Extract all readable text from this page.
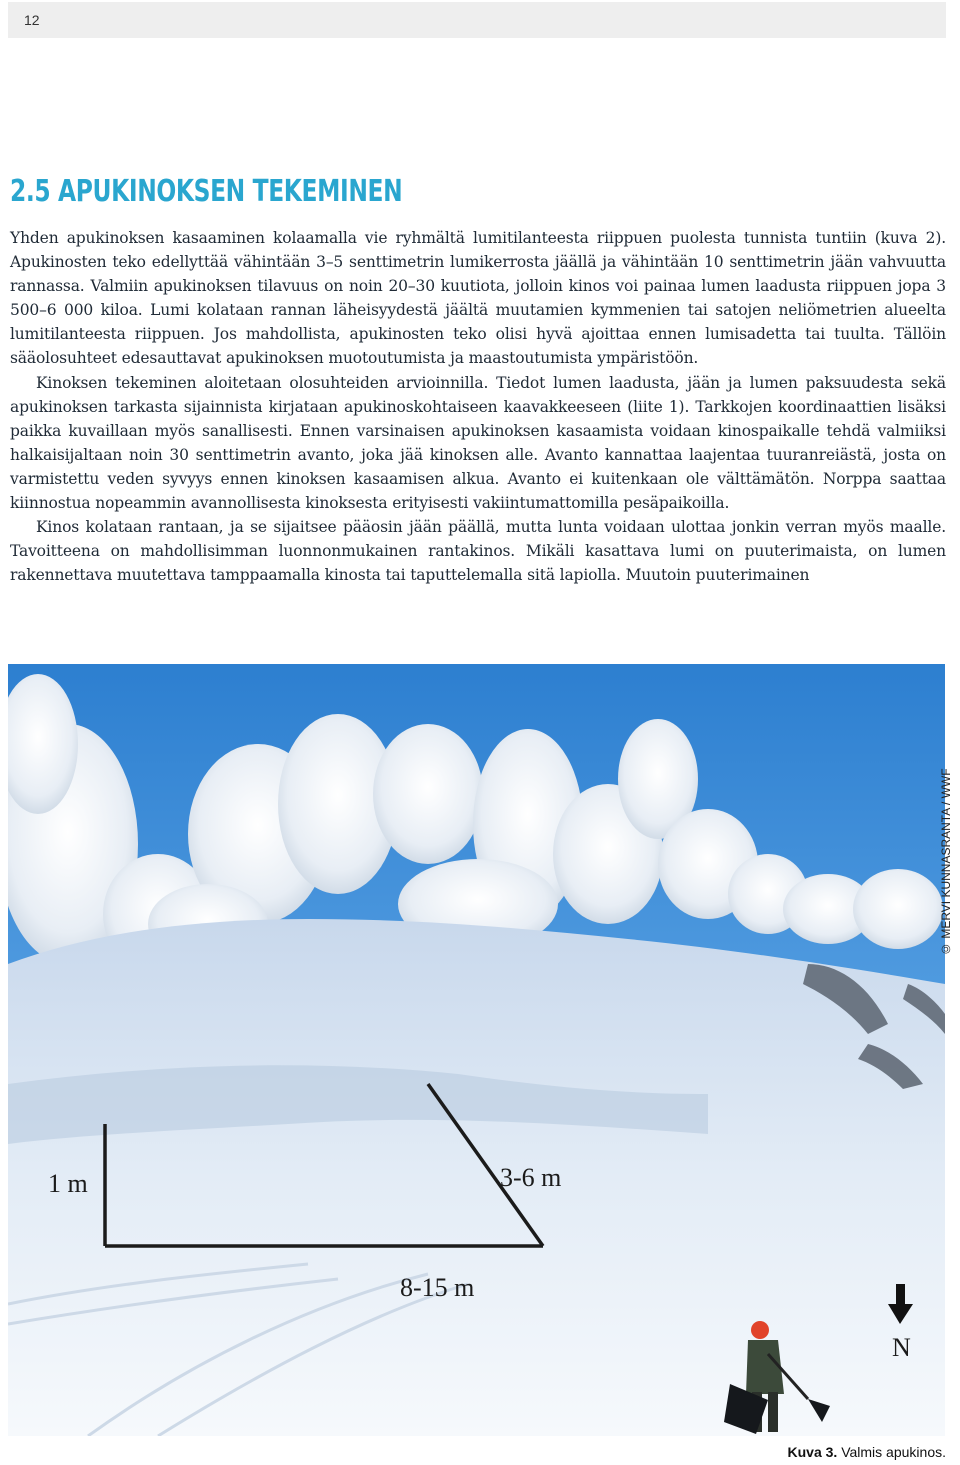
12
2.5 APUKINOKSEN TEKEMINEN

Yhden apukinoksen kasaaminen kolaamalla vie ryhmältä lumitilanteesta riippuen puolesta tunnista tuntiin (kuva 2). Apukinosten teko edellyttää vähintään 3–5 senttimetrin lumikerrosta jäällä ja vähintään 10 senttimetrin jään vahvuutta rannassa. Valmiin apukinoksen tilavuus on noin 20–30 kuutiota, jolloin kinos voi painaa lumen laadusta riippuen jopa 3 500–6 000 kiloa. Lumi kolataan rannan läheisyydestä jäältä muutamien kymmenien tai satojen neliömetrien alueelta lumitilanteesta riippuen. Jos mahdollista, apukinosten teko olisi hyvä ajoittaa ennen lumisadetta tai tuulta. Tällöin sääolosuhteet edesauttavat apukinoksen muotoutumista ja maastoutumista ympäristöön.

Kinoksen tekeminen aloitetaan olosuhteiden arvioinnilla. Tiedot lumen laadusta, jään ja lumen paksuudesta sekä apukinoksen tarkasta sijainnista kirjataan apukinoskohtaiseen kaavakkeeseen (liite 1). Tarkkojen koordinaattien lisäksi paikka kuvaillaan myös sanallisesti. Ennen varsinaisen apukinoksen kasaamista voidaan kinospaikalle tehdä valmiiksi halkaisijaltaan noin 30 senttimetrin avanto, joka jää kinoksen alle. Avanto kannattaa laajentaa tuuranreiästä, josta on varmistettu veden syvyys ennen kinoksen kasaamisen alkua. Avanto ei kuitenkaan ole välttämätön. Norppa saattaa kiinnostua nopeammin avannollisesta kinoksesta erityisesti vakiintumattomilla pesäpaikoilla.

Kinos kolataan rantaan, ja se sijaitsee pääosin jään päällä, mutta lunta voidaan ulottaa jonkin verran myös maalle. Tavoitteena on mahdollisimman luonnonmukainen rantakinos. Mikäli kasattava lumi on puuterimaista, on lumen rakennettava muutettava tamppaamalla kinosta tai taputtelemalla sitä lapiolla. Muutoin puuterimainen

1 m	3-6 m
8-15 m
N
© MERVI KUNNASRANTA / WWF
Kuva 3. Valmis apukinos.
